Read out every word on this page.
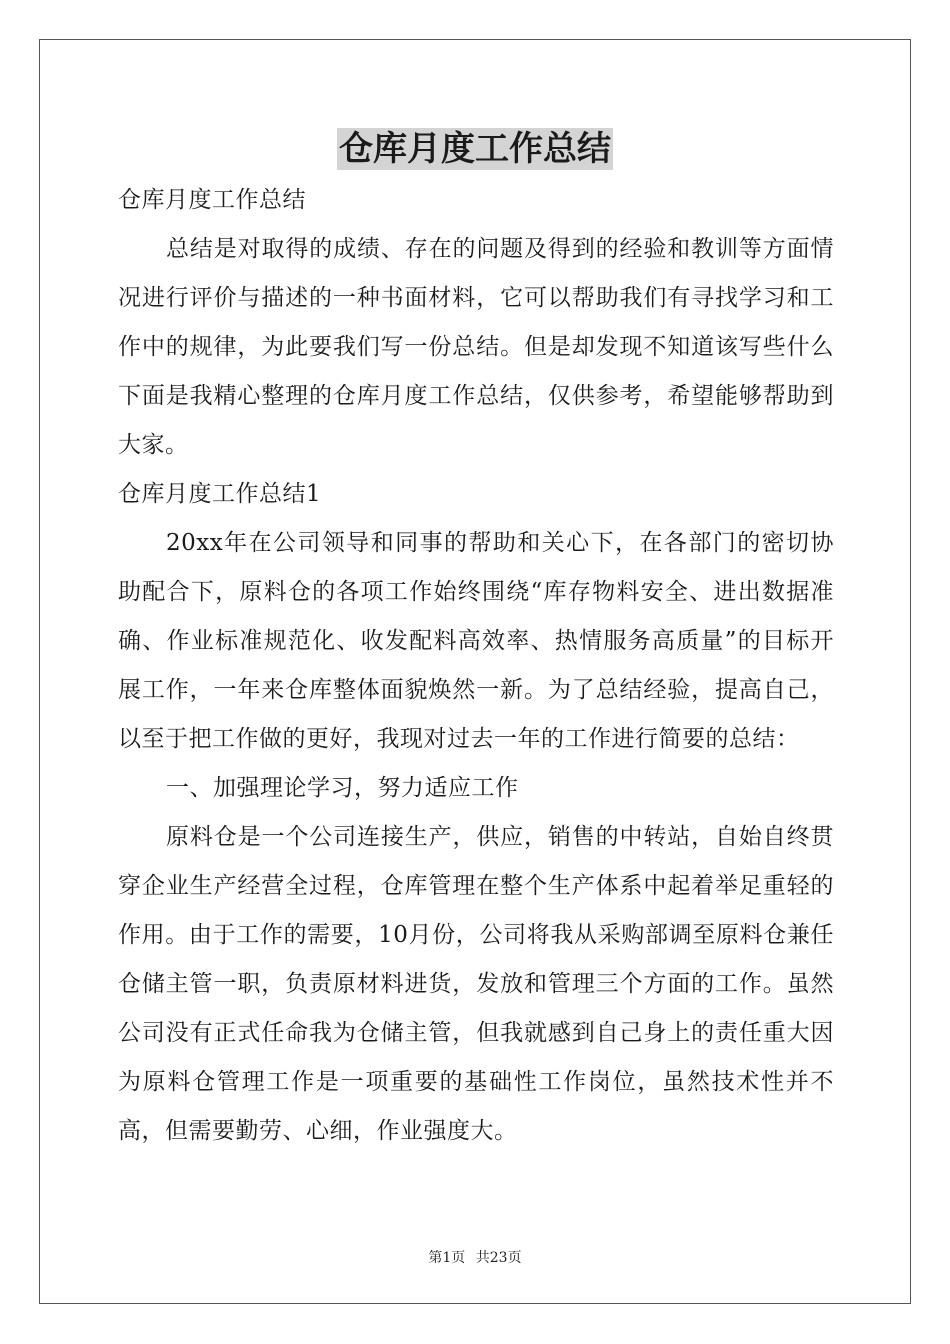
仓库月度工作总结

仓库月度工作总结

总结是对取得的成绩、存在的问题及得到的经验和教训等方面情况进行评价与描述的一种书面材料，它可以帮助我们有寻找学习和工作中的规律，为此要我们写一份总结。但是却发现不知道该写些什么下面是我精心整理的仓库月度工作总结，仅供参考，希望能够帮助到大家。

仓库月度工作总结1

20xx年在公司领导和同事的帮助和关心下，在各部门的密切协助配合下，原料仓的各项工作始终围绕“库存物料安全、进出数据准确、作业标准规范化、收发配料高效率、热情服务高质量”的目标开展工作，一年来仓库整体面貌焕然一新。为了总结经验，提高自己，以至于把工作做的更好，我现对过去一年的工作进行简要的总结：

一、加强理论学习，努力适应工作

原料仓是一个公司连接生产，供应，销售的中转站，自始自终贯穿企业生产经营全过程，仓库管理在整个生产体系中起着举足重轻的作用。由于工作的需要，10月份，公司将我从采购部调至原料仓兼任仓储主管一职，负责原材料进货，发放和管理三个方面的工作。虽然公司没有正式任命我为仓储主管，但我就感到自己身上的责任重大因为原料仓管理工作是一项重要的基础性工作岗位，虽然技术性并不高，但需要勤劳、心细，作业强度大。

第1页 共23页
